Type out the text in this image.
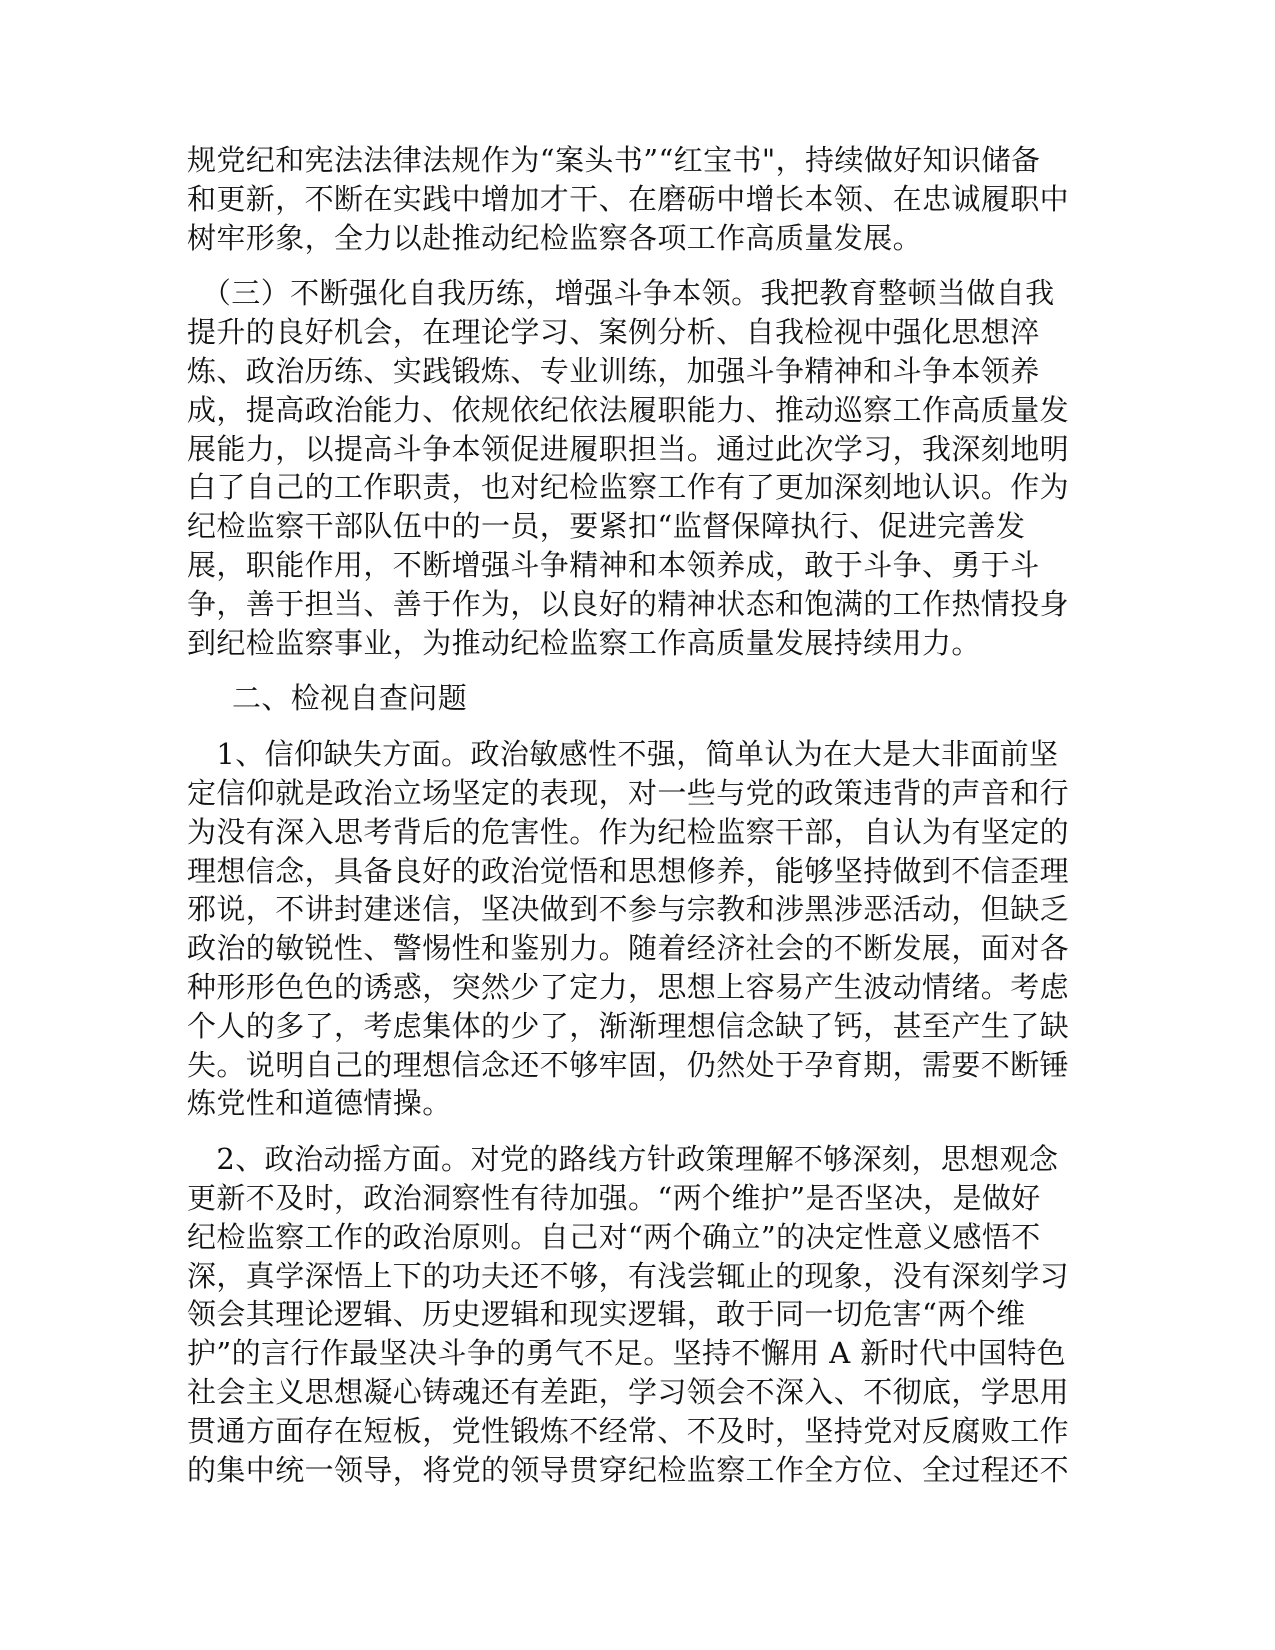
规党纪和宪法法律法规作为“案头书”“红宝书"，持续做好知识储备
和更新，不断在实践中增加才干、在磨砺中增长本领、在忠诚履职中
树牢形象，全力以赴推动纪检监察各项工作高质量发展。
　（三）不断强化自我历练，增强斗争本领。我把教育整顿当做自我
提升的良好机会，在理论学习、案例分析、自我检视中强化思想淬
炼、政治历练、实践锻炼、专业训练，加强斗争精神和斗争本领养
成，提高政治能力、依规依纪依法履职能力、推动巡察工作高质量发
展能力，以提高斗争本领促进履职担当。通过此次学习，我深刻地明
白了自己的工作职责，也对纪检监察工作有了更加深刻地认识。作为
纪检监察干部队伍中的一员，要紧扣“监督保障执行、促进完善发
展，职能作用，不断增强斗争精神和本领养成，敢于斗争、勇于斗
争，善于担当、善于作为，以良好的精神状态和饱满的工作热情投身
到纪检监察事业，为推动纪检监察工作高质量发展持续用力。
二、检视自查问题
　1、信仰缺失方面。政治敏感性不强，简单认为在大是大非面前坚
定信仰就是政治立场坚定的表现，对一些与党的政策违背的声音和行
为没有深入思考背后的危害性。作为纪检监察干部，自认为有坚定的
理想信念，具备良好的政治觉悟和思想修养，能够坚持做到不信歪理
邪说，不讲封建迷信，坚决做到不参与宗教和涉黑涉恶活动，但缺乏
政治的敏锐性、警惕性和鉴别力。随着经济社会的不断发展，面对各
种形形色色的诱惑，突然少了定力，思想上容易产生波动情绪。考虑
个人的多了，考虑集体的少了，渐渐理想信念缺了钙，甚至产生了缺
失。说明自己的理想信念还不够牢固，仍然处于孕育期，需要不断锤
炼党性和道德情操。
　2、政治动摇方面。对党的路线方针政策理解不够深刻，思想观念
更新不及时，政治洞察性有待加强。“两个维护”是否坚决，是做好
纪检监察工作的政治原则。自己对“两个确立”的决定性意义感悟不
深，真学深悟上下的功夫还不够，有浅尝辄止的现象，没有深刻学习
领会其理论逻辑、历史逻辑和现实逻辑，敢于同一切危害“两个维
护”的言行作最坚决斗争的勇气不足。坚持不懈用 A 新时代中国特色
社会主义思想凝心铸魂还有差距，学习领会不深入、不彻底，学思用
贯通方面存在短板，党性锻炼不经常、不及时，坚持党对反腐败工作
的集中统一领导，将党的领导贯穿纪检监察工作全方位、全过程还不
